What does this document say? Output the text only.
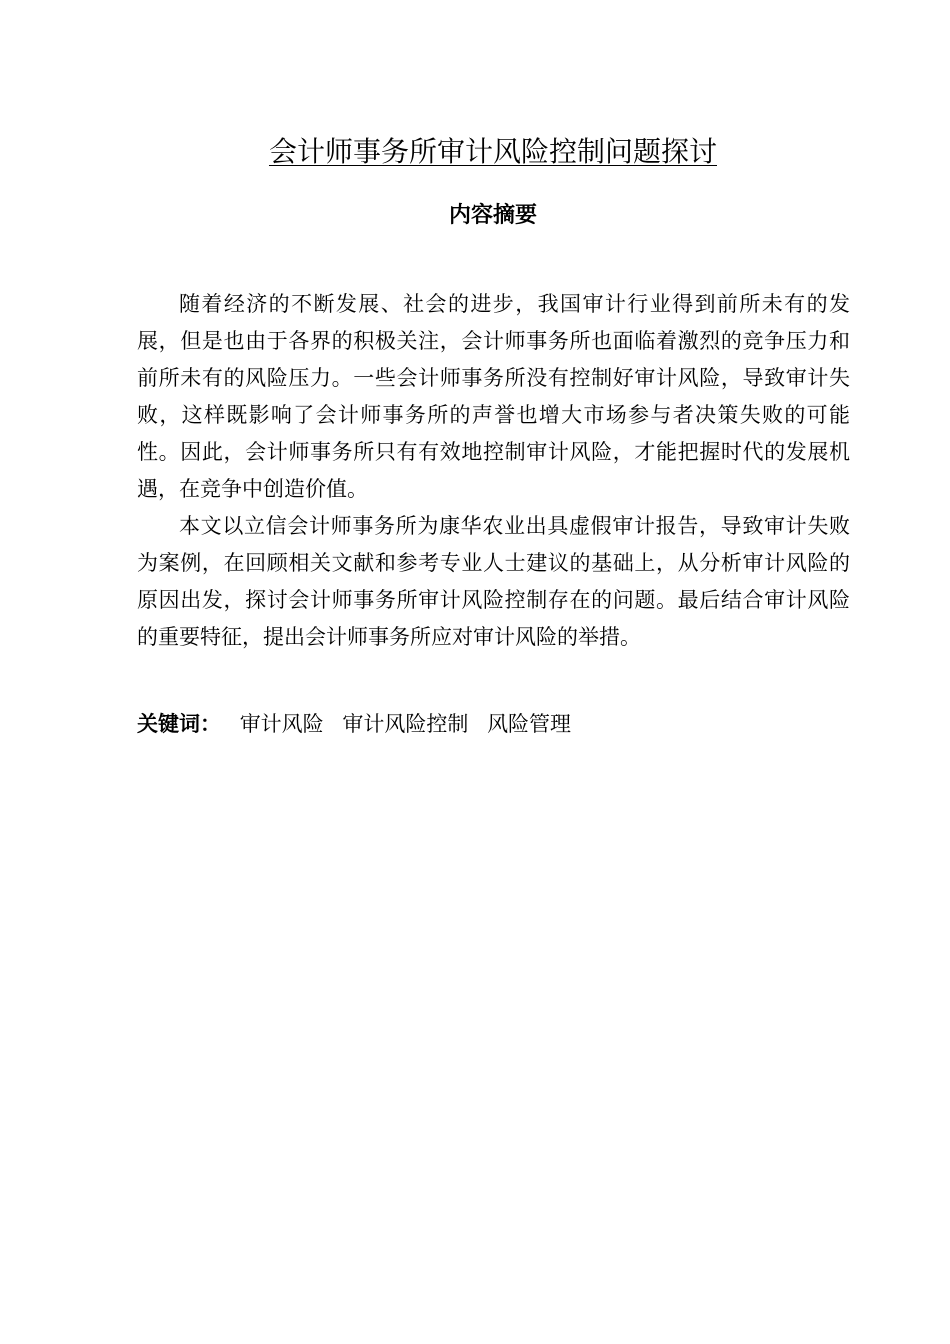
会计师事务所审计风险控制问题探讨
内容摘要

随着经济的不断发展、社会的进步，我国审计行业得到前所未有的发展，但是也由于各界的积极关注，会计师事务所也面临着激烈的竞争压力和前所未有的风险压力。一些会计师事务所没有控制好审计风险，导致审计失败，这样既影响了会计师事务所的声誉也增大市场参与者决策失败的可能性。因此，会计师事务所只有有效地控制审计风险，才能把握时代的发展机遇，在竞争中创造价值。

本文以立信会计师事务所为康华农业出具虚假审计报告，导致审计失败为案例，在回顾相关文献和参考专业人士建议的基础上，从分析审计风险的原因出发，探讨会计师事务所审计风险控制存在的问题。最后结合审计风险的重要特征，提出会计师事务所应对审计风险的举措。

关键词： 审计风险 审计风险控制 风险管理
